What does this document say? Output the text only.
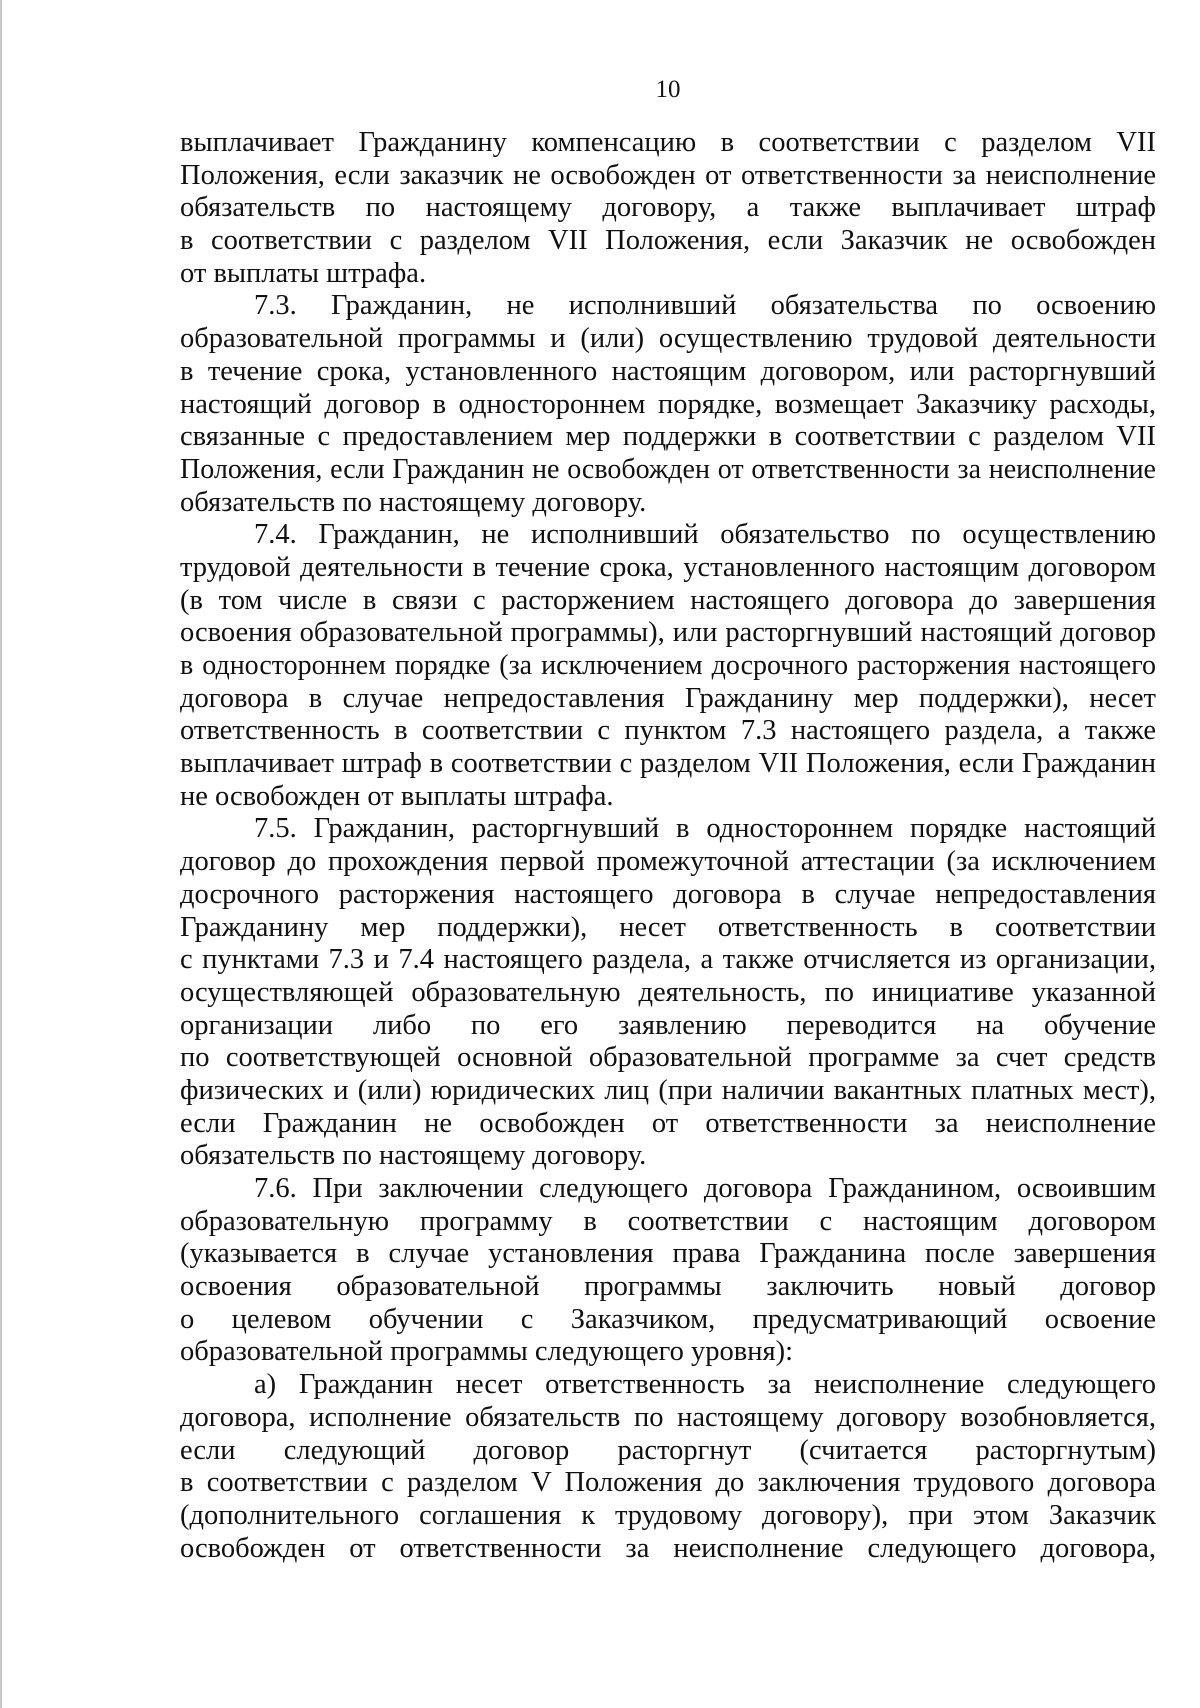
10
выплачивает Гражданину компенсацию в соответствии с разделом VII
Положения, если заказчик не освобожден от ответственности за неисполнение
обязательств по настоящему договору, а также выплачивает штраф
в соответствии с разделом VII Положения, если Заказчик не освобожден
от выплаты штрафа.
7.3. Гражданин, не исполнивший обязательства по освоению
образовательной программы и (или) осуществлению трудовой деятельности
в течение срока, установленного настоящим договором, или расторгнувший
настоящий договор в одностороннем порядке, возмещает Заказчику расходы,
связанные с предоставлением мер поддержки в соответствии с разделом VII
Положения, если Гражданин не освобожден от ответственности за неисполнение
обязательств по настоящему договору.
7.4. Гражданин, не исполнивший обязательство по осуществлению
трудовой деятельности в течение срока, установленного настоящим договором
(в том числе в связи с расторжением настоящего договора до завершения
освоения образовательной программы), или расторгнувший настоящий договор
в одностороннем порядке (за исключением досрочного расторжения настоящего
договора в случае непредоставления Гражданину мер поддержки), несет
ответственность в соответствии с пунктом 7.3 настоящего раздела, а также
выплачивает штраф в соответствии с разделом VII Положения, если Гражданин
не освобожден от выплаты штрафа.
7.5. Гражданин, расторгнувший в одностороннем порядке настоящий
договор до прохождения первой промежуточной аттестации (за исключением
досрочного расторжения настоящего договора в случае непредоставления
Гражданину мер поддержки), несет ответственность в соответствии
с пунктами 7.3 и 7.4 настоящего раздела, а также отчисляется из организации,
осуществляющей образовательную деятельность, по инициативе указанной
организации либо по его заявлению переводится на обучение
по соответствующей основной образовательной программе за счет средств
физических и (или) юридических лиц (при наличии вакантных платных мест),
если Гражданин не освобожден от ответственности за неисполнение
обязательств по настоящему договору.
7.6. При заключении следующего договора Гражданином, освоившим
образовательную программу в соответствии с настоящим договором
(указывается в случае установления права Гражданина после завершения
освоения образовательной программы заключить новый договор
о целевом обучении с Заказчиком, предусматривающий освоение
образовательной программы следующего уровня):
а) Гражданин несет ответственность за неисполнение следующего
договора, исполнение обязательств по настоящему договору возобновляется,
если следующий договор расторгнут (считается расторгнутым)
в соответствии с разделом V Положения до заключения трудового договора
(дополнительного соглашения к трудовому договору), при этом Заказчик
освобожден от ответственности за неисполнение следующего договора,
